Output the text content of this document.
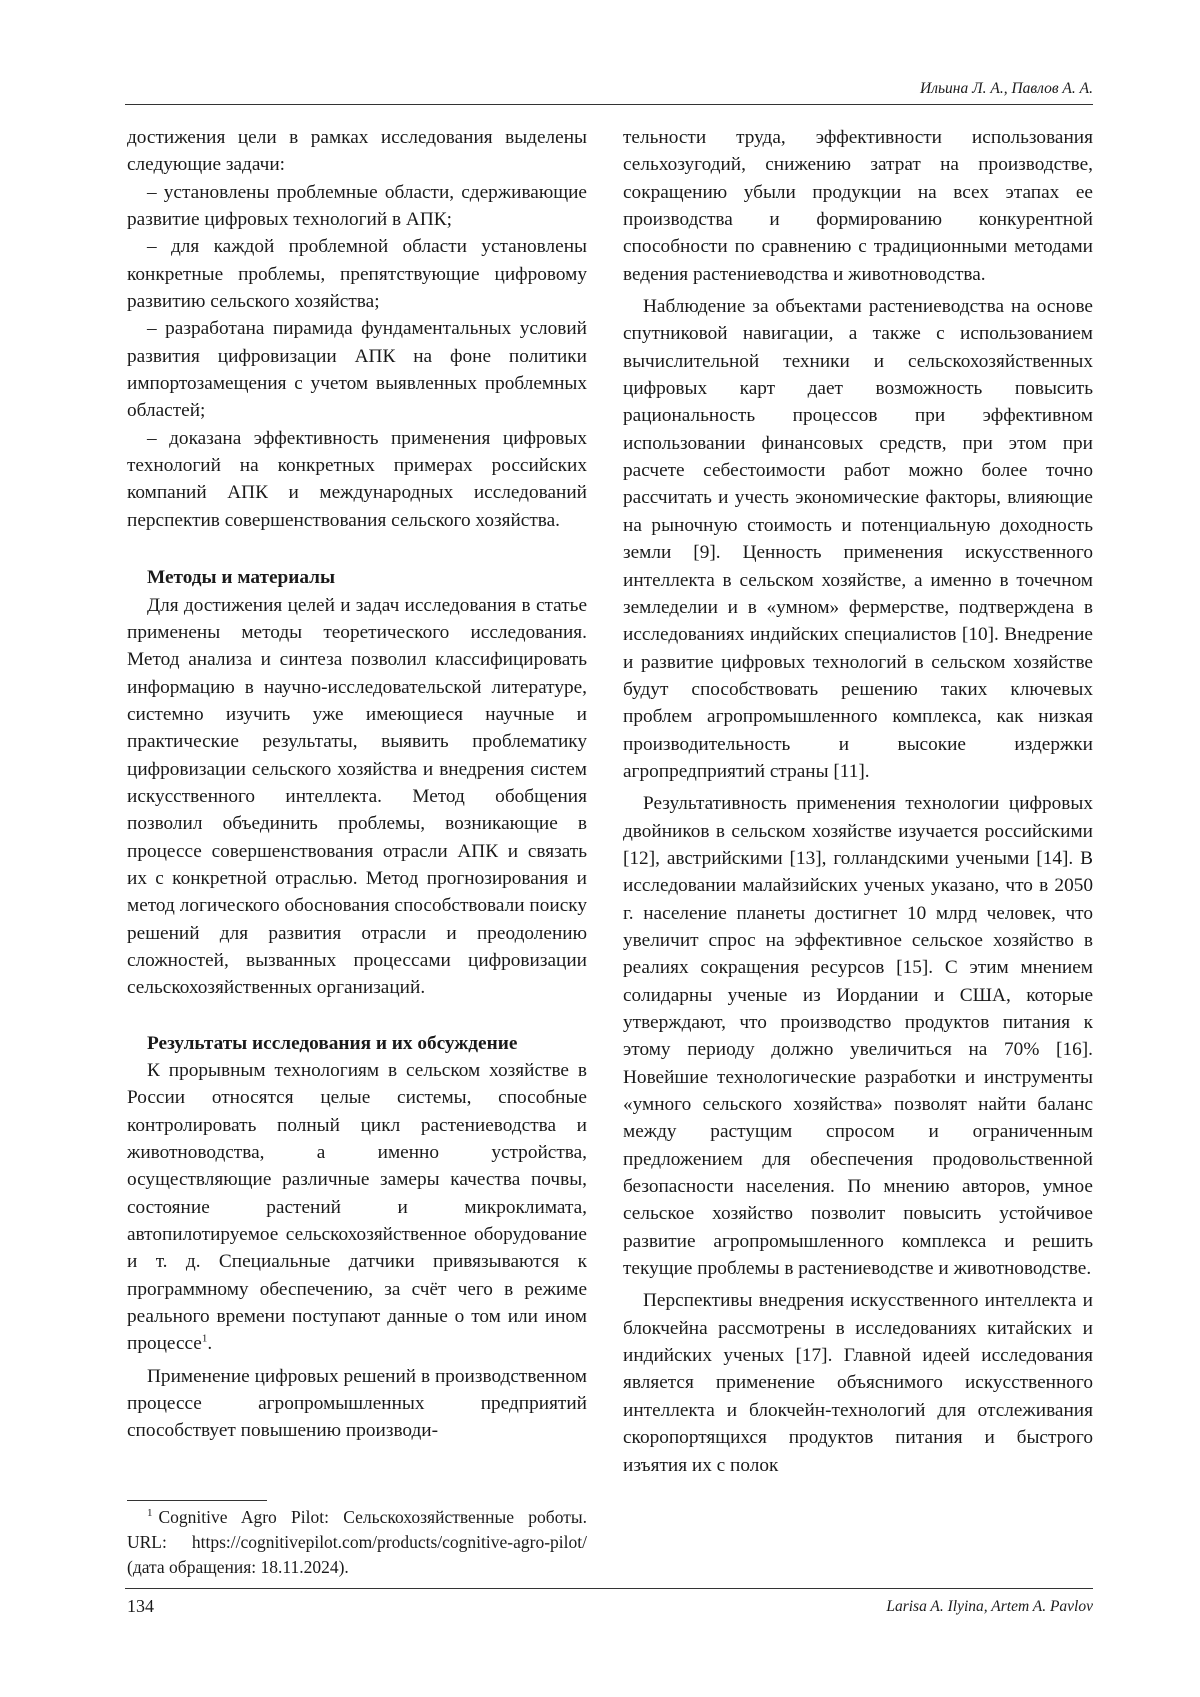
Ильина Л. А., Павлов А. А.

достижения цели в рамках исследования выделены следующие задачи:

– установлены проблемные области, сдерживающие развитие цифровых технологий в АПК;

– для каждой проблемной области установлены конкретные проблемы, препятствующие цифровому развитию сельского хозяйства;

– разработана пирамида фундаментальных условий развития цифровизации АПК на фоне политики импортозамещения с учетом выявленных проблемных областей;

– доказана эффективность применения цифровых технологий на конкретных примерах российских компаний АПК и международных исследований перспектив совершенствования сельского хозяйства.

Методы и материалы

Для достижения целей и задач исследования в статье применены методы теоретического исследования. Метод анализа и синтеза позволил классифицировать информацию в научно-исследовательской литературе, системно изучить уже имеющиеся научные и практические результаты, выявить проблематику цифровизации сельского хозяйства и внедрения систем искусственного интеллекта. Метод обобщения позволил объединить проблемы, возникающие в процессе совершенствования отрасли АПК и связать их с конкретной отраслью. Метод прогнозирования и метод логического обоснования способствовали поиску решений для развития отрасли и преодолению сложностей, вызванных процессами цифровизации сельскохозяйственных организаций.

Результаты исследования и их обсуждение

К прорывным технологиям в сельском хозяйстве в России относятся целые системы, способные контролировать полный цикл растениеводства и животноводства, а именно устройства, осуществляющие различные замеры качества почвы, состояние растений и микроклимата, автопилотируемое сельскохозяйственное оборудование и т. д. Специальные датчики привязываются к программному обеспечению, за счёт чего в режиме реального времени поступают данные о том или ином процессе$^1$.

Применение цифровых решений в производственном процессе агропромышленных предприятий способствует повышению производи-

тельности труда, эффективности использования сельхозугодий, снижению затрат на производстве, сокращению убыли продукции на всех этапах ее производства и формированию конкурентной способности по сравнению с традиционными методами ведения растениеводства и животноводства.

Наблюдение за объектами растениеводства на основе спутниковой навигации, а также с использованием вычислительной техники и сельскохозяйственных цифровых карт дает возможность повысить рациональность процессов при эффективном использовании финансовых средств, при этом при расчете себестоимости работ можно более точно рассчитать и учесть экономические факторы, влияющие на рыночную стоимость и потенциальную доходность земли [9]. Ценность применения искусственного интеллекта в сельском хозяйстве, а именно в точечном земледелии и в «умном» фермерстве, подтверждена в исследованиях индийских специалистов [10]. Внедрение и развитие цифровых технологий в сельском хозяйстве будут способствовать решению таких ключевых проблем агропромышленного комплекса, как низкая производительность и высокие издержки агропредприятий страны [11].

Результативность применения технологии цифровых двойников в сельском хозяйстве изучается российскими [12], австрийскими [13], голландскими учеными [14]. В исследовании малайзийских ученых указано, что в 2050 г. население планеты достигнет 10 млрд человек, что увеличит спрос на эффективное сельское хозяйство в реалиях сокращения ресурсов [15]. С этим мнением солидарны ученые из Иордании и США, которые утверждают, что производство продуктов питания к этому периоду должно увеличиться на 70% [16]. Новейшие технологические разработки и инструменты «умного сельского хозяйства» позволят найти баланс между растущим спросом и ограниченным предложением для обеспечения продовольственной безопасности населения. По мнению авторов, умное сельское хозяйство позволит повысить устойчивое развитие агропромышленного комплекса и решить текущие проблемы в растениеводстве и животноводстве.

Перспективы внедрения искусственного интеллекта и блокчейна рассмотрены в исследованиях китайских и индийских ученых [17]. Главной идеей исследования является применение объяснимого искусственного интеллекта и блокчейн-технологий для отслеживания скоропортящихся продуктов питания и быстрого изъятия их с полок

$^1$ Cognitive Agro Pilot: Сельскохозяйственные роботы. URL: https://cognitivepilot.com/products/cognitive-agro-pilot/ (дата обращения: 18.11.2024).
134	Larisa A. Ilyina, Artem A. Pavlov
